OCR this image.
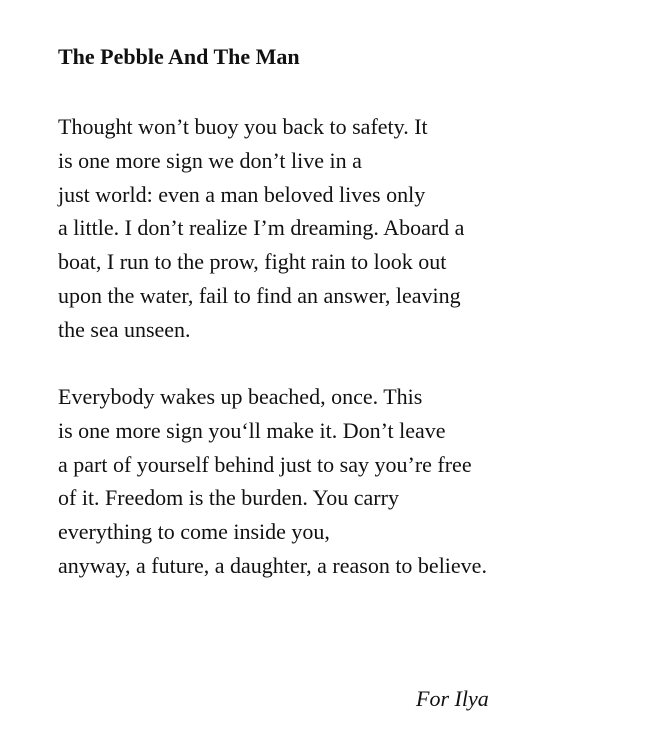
The Pebble And The Man
Thought won’t buoy you back to safety. It
is one more sign we don’t live in a
just world: even a man beloved lives only
a little. I don’t realize I’m dreaming. Aboard a
boat, I run to the prow, fight rain to look out
upon the water, fail to find an answer, leaving
the sea unseen.
Everybody wakes up beached, once. This
is one more sign you‘ll make it. Don’t leave
a part of yourself behind just to say you’re free
of it. Freedom is the burden. You carry
everything to come inside you,
anyway, a future, a daughter, a reason to believe.
For Ilya
